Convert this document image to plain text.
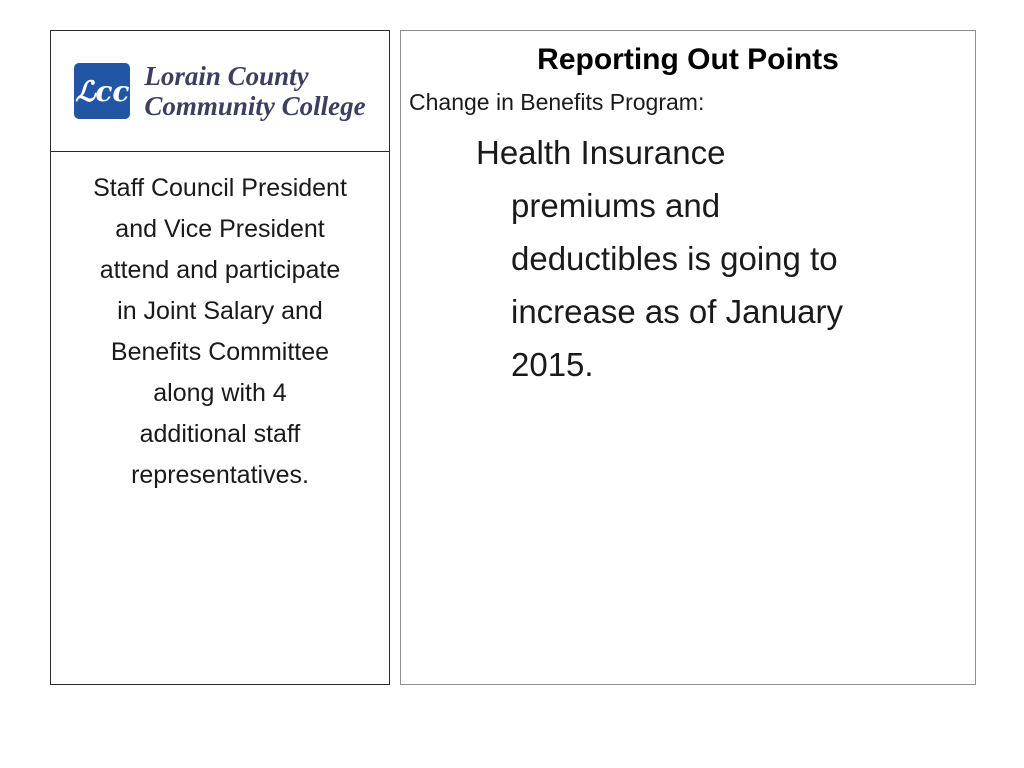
ℒcc Lorain County
Community College
Staff Council President
and Vice President
attend and participate
in Joint Salary and
Benefits Committee
along with 4
additional staff
representatives.
Reporting Out Points
Change in Benefits Program:
Health Insurance
premiums and
deductibles is going to
increase as of January
2015.
